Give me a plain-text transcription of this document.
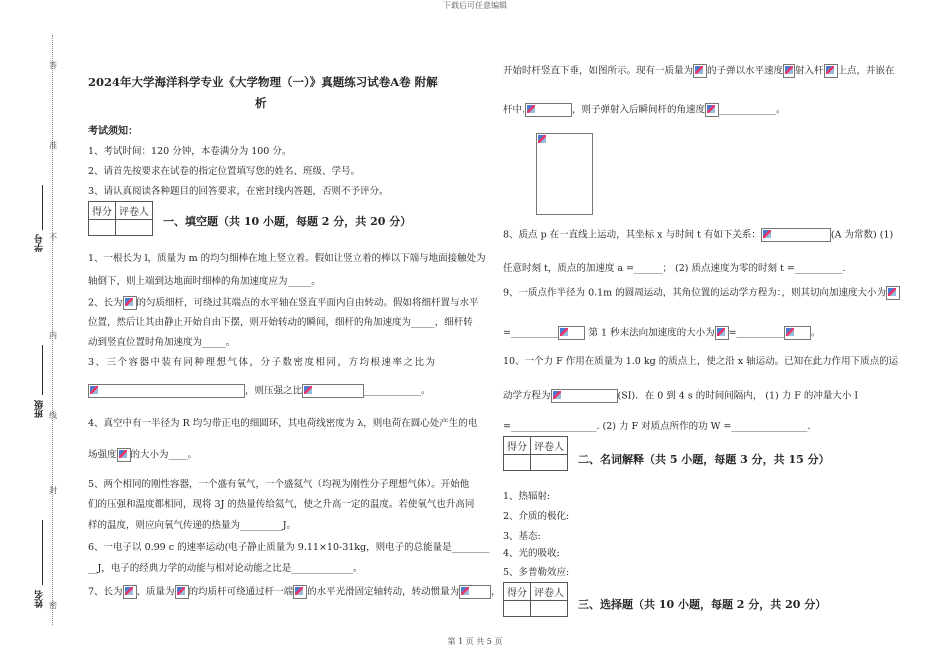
下载后可任意编辑
第 1 页 共 5 页
答
准
不
内
线
封
密
学号
班级
姓名
2024年大学海洋科学专业《大学物理（一）》真题练习试卷A卷 附解
析
考试须知：
1、考试时间：120 分钟，本卷满分为 100 分。
2、请首先按要求在试卷的指定位置填写您的姓名、班级、学号。
3、请认真阅读各种题目的回答要求，在密封线内答题，否则不予评分。
得分	评卷人

一、填空题（共 10 小题，每题 2 分，共 20 分）
1、一根长为 l，质量为 m 的均匀细棒在地上竖立着。假如让竖立着的棒以下端与地面接触处为
轴倒下，则上端到达地面时细棒的角加速度应为_____。
2、长为 的匀质细杆，可绕过其端点的水平轴在竖直平面内自由转动。假如将细杆置与水平
位置，然后让其由静止开始自由下摆，则开始转动的瞬间，细杆的角加速度为_____，细杆转
动到竖直位置时角加速度为_____。
3、三个容器中装有同种理想气体，分子数密度相同，方均根速率之比为
，则压强之比	____________。
4、真空中有一半径为 R 均匀带正电的细圆环，其电荷线密度为 λ，则电荷在圆心处产生的电
场强度 的大小为____。
5、两个相同的刚性容器，一个盛有氧气，一个盛氦气（均视为刚性分子理想气体）。开始他
们的压强和温度都相同，现将 3J 的热量传给氦气，使之升高一定的温度。若使氧气也升高同
样的温度，则应向氧气传递的热量为_________J。
6、一电子以 0.99 c 的速率运动(电子静止质量为 9.11×10-31kg，则电子的总能量是________
__J，电子的经典力学的动能与相对论动能之比是_____________。
7、长为 、质量为 的均质杆可绕通过杆一端 的水平光滑固定轴转动，转动惯量为	，
开始时杆竖直下垂，如图所示。现有一质量为 的子弹以水平速度 射入杆 上点，并嵌在
杆中.	，则子弹射入后瞬间杆的角速度 ____________。
8、质点 p 在一直线上运动，其坐标 x 与时间 t 有如下关系：	(A 为常数) (1)
任意时刻 t，质点的加速度 a =______； (2) 质点速度为零的时刻 t =__________.
9、一质点作半径为 0.1m 的圆周运动，其角位置的运动学方程为：，则其切向加速度大小为
=__________	第 1 秒末法向加速度的大小为 =__________	。
10、一个力 F 作用在质量为 1.0 kg 的质点上，使之沿 x 轴运动。已知在此力作用下质点的运
动学方程为	(SI)．在 0 到 4 s 的时间间隔内， (1) 力 F 的冲量大小 I
=__________________. (2) 力 F 对质点所作的功 W =________________.
得分	评卷人

二、名词解释（共 5 小题，每题 3 分，共 15 分）
1、热辐射:
2、介质的极化:
3、基态:
4、光的吸收:
5、多普勒效应:
得分	评卷人

三、选择题（共 10 小题，每题 2 分，共 20 分）
